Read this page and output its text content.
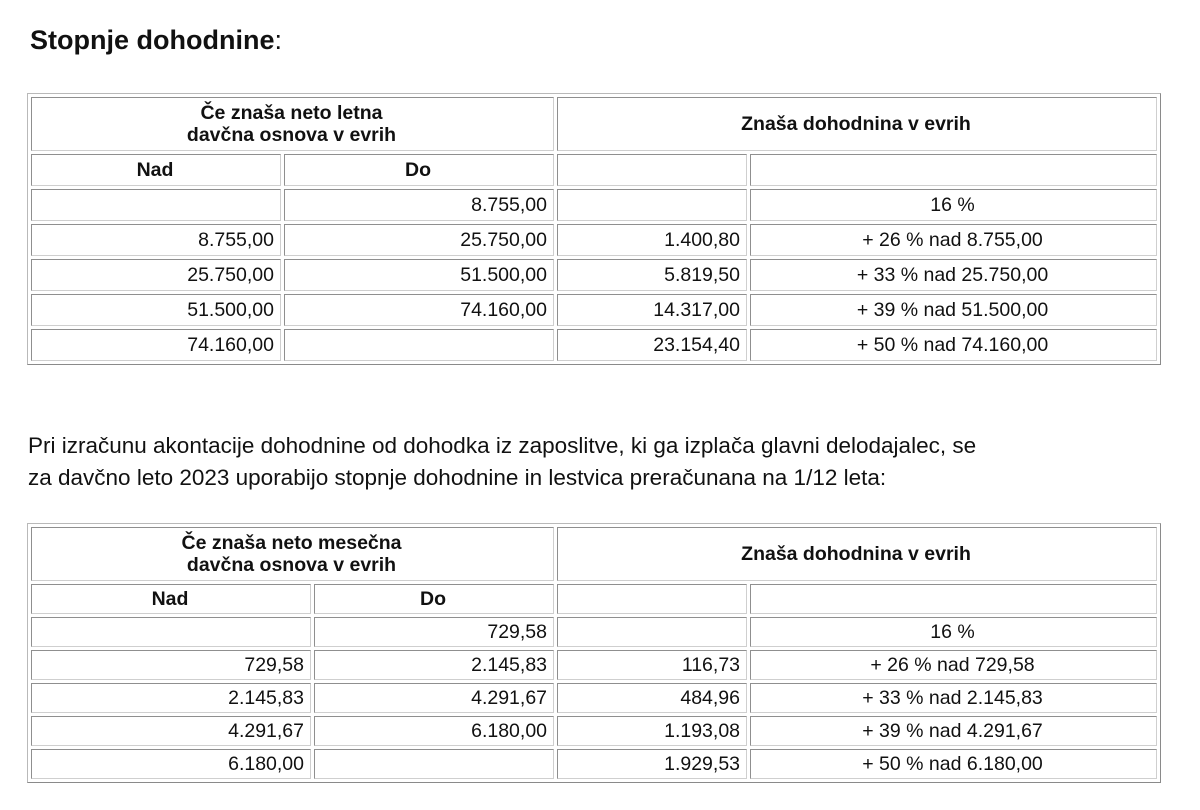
Stopnje dohodnine:
Če znaša neto letna
davčna osnova v evrih		Znaša dohodnina v evrih	
Nad	Do		
	8.755,00		16 %
8.755,00	25.750,00	1.400,80	+ 26 % nad 8.755,00
25.750,00	51.500,00	5.819,50	+ 33 % nad 25.750,00
51.500,00	74.160,00	14.317,00	+ 39 % nad 51.500,00
74.160,00		23.154,40	+ 50 % nad 74.160,00
Pri izračunu akontacije dohodnine od dohodka iz zaposlitve, ki ga izplača glavni delodajalec, se
za davčno leto 2023 uporabijo stopnje dohodnine in lestvica preračunana na 1/12 leta:
Če znaša neto mesečna
davčna osnova v evrih		Znaša dohodnina v evrih	
Nad	Do		
	729,58		16 %
729,58	2.145,83	116,73	+ 26 % nad 729,58
2.145,83	4.291,67	484,96	+ 33 % nad 2.145,83
4.291,67	6.180,00	1.193,08	+ 39 % nad 4.291,67
6.180,00		1.929,53	+ 50 % nad 6.180,00
